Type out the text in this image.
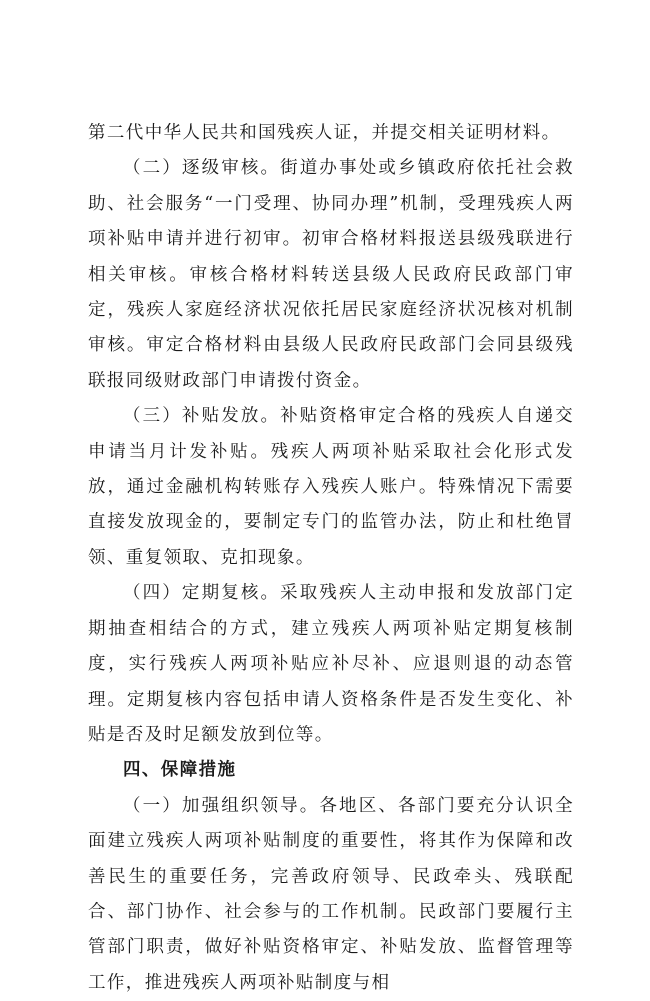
第二代中华人民共和国残疾人证，并提交相关证明材料。

（二）逐级审核。街道办事处或乡镇政府依托社会救助、社会服务“一门受理、协同办理”机制，受理残疾人两项补贴申请并进行初审。初审合格材料报送县级残联进行相关审核。审核合格材料转送县级人民政府民政部门审定，残疾人家庭经济状况依托居民家庭经济状况核对机制审核。审定合格材料由县级人民政府民政部门会同县级残联报同级财政部门申请拨付资金。

（三）补贴发放。补贴资格审定合格的残疾人自递交申请当月计发补贴。残疾人两项补贴采取社会化形式发放，通过金融机构转账存入残疾人账户。特殊情况下需要直接发放现金的，要制定专门的监管办法，防止和杜绝冒领、重复领取、克扣现象。

（四）定期复核。采取残疾人主动申报和发放部门定期抽查相结合的方式，建立残疾人两项补贴定期复核制度，实行残疾人两项补贴应补尽补、应退则退的动态管理。定期复核内容包括申请人资格条件是否发生变化、补贴是否及时足额发放到位等。

四、保障措施

（一）加强组织领导。各地区、各部门要充分认识全面建立残疾人两项补贴制度的重要性，将其作为保障和改善民生的重要任务，完善政府领导、民政牵头、残联配合、部门协作、社会参与的工作机制。民政部门要履行主管部门职责，做好补贴资格审定、补贴发放、监督管理等工作，推进残疾人两项补贴制度与相
